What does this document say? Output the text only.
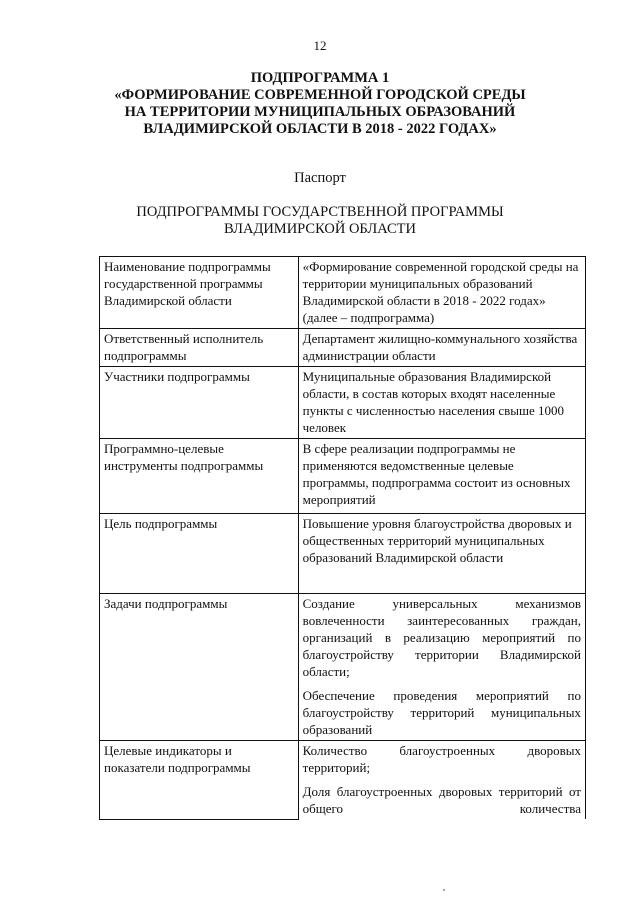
12
ПОДПРОГРАММА 1
«ФОРМИРОВАНИЕ СОВРЕМЕННОЙ ГОРОДСКОЙ СРЕДЫ
НА ТЕРРИТОРИИ МУНИЦИПАЛЬНЫХ ОБРАЗОВАНИЙ
ВЛАДИМИРСКОЙ ОБЛАСТИ В 2018 - 2022 ГОДАХ»
Паспорт
ПОДПРОГРАММЫ ГОСУДАРСТВЕННОЙ ПРОГРАММЫ
ВЛАДИМИРСКОЙ ОБЛАСТИ
Наименование подпрограммы государственной программы Владимирской области	«Формирование современной городской среды на территории муниципальных образований Владимирской области в 2018 - 2022 годах» (далее – подпрограмма)

Ответственный исполнитель подпрограммы	Департамент жилищно-коммунального хозяйства администрации области

Участники подпрограммы	Муниципальные образования Владимирской области, в состав которых входят населенные пункты с численностью населения свыше 1000 человек

Программно-целевые инструменты подпрограммы	В сфере реализации подпрограммы не применяются ведомственные целевые программы, подпрограмма состоит из основных мероприятий

Цель подпрограммы	Повышение уровня благоустройства дворовых и общественных территорий муниципальных образований Владимирской области

Задачи подпрограммы	Создание универсальных механизмов вовлеченности заинтересованных граждан, организаций в реализацию мероприятий по благоустройству территории Владимирской области;

Обеспечение проведения мероприятий по благоустройству территорий муниципальных образований

Целевые индикаторы и показатели подпрограммы	Количество благоустроенных дворовых территорий;

Доля благоустроенных дворовых территорий от общего количества
